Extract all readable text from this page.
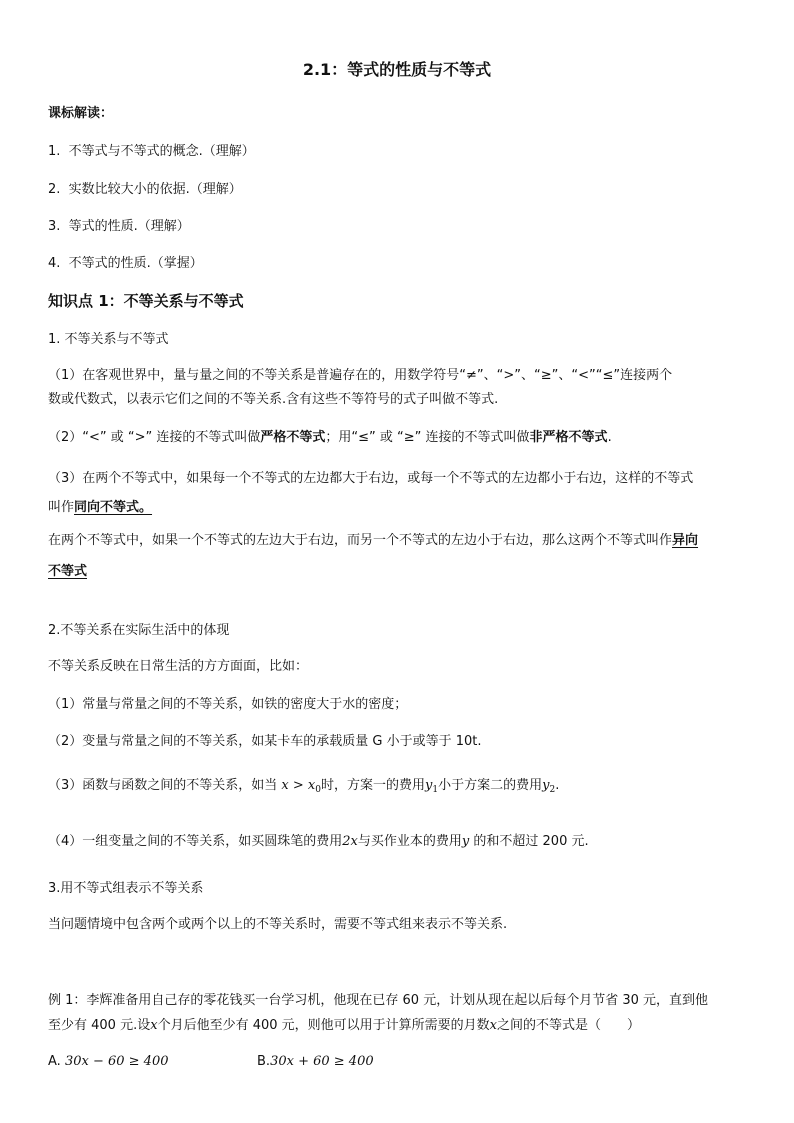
2.1：等式的性质与不等式
课标解读：
1. 不等式与不等式的概念.（理解）
2. 实数比较大小的依据.（理解）
3. 等式的性质.（理解）
4. 不等式的性质.（掌握）
知识点 1：不等关系与不等式
1. 不等关系与不等式
（1）在客观世界中，量与量之间的不等关系是普遍存在的，用数学符号“≠”、“>”、“≥”、“<”“≤”连接两个
数或代数式，以表示它们之间的不等关系.含有这些不等符号的式子叫做不等式.
（2）“<” 或 “>” 连接的不等式叫做严格不等式；用“≤” 或 “≥” 连接的不等式叫做非严格不等式.
（3）在两个不等式中，如果每一个不等式的左边都大于右边，或每一个不等式的左边都小于右边，这样的不等式
叫作同向不等式。
在两个不等式中，如果一个不等式的左边大于右边，而另一个不等式的左边小于右边，那么这两个不等式叫作异向
不等式
2.不等关系在实际生活中的体现
不等关系反映在日常生活的方方面面，比如：
（1）常量与常量之间的不等关系，如铁的密度大于水的密度；
（2）变量与常量之间的不等关系，如某卡车的承载质量 G 小于或等于 10t.
（3）函数与函数之间的不等关系，如当 $x > x_0$时，方案一的费用$y_1$小于方案二的费用$y_2$.
（4）一组变量之间的不等关系，如买圆珠笔的费用2x与买作业本的费用y 的和不超过 200 元.
3.用不等式组表示不等关系
当问题情境中包含两个或两个以上的不等关系时，需要不等式组来表示不等关系.
例 1：李辉准备用自己存的零花钱买一台学习机，他现在已存 60 元，计划从现在起以后每个月节省 30 元，直到他
至少有 400 元.设x个月后他至少有 400 元，则他可以用于计算所需要的月数x之间的不等式是（　　）
A. 30x − 60 ≥ 400	B.30x + 60 ≥ 400
